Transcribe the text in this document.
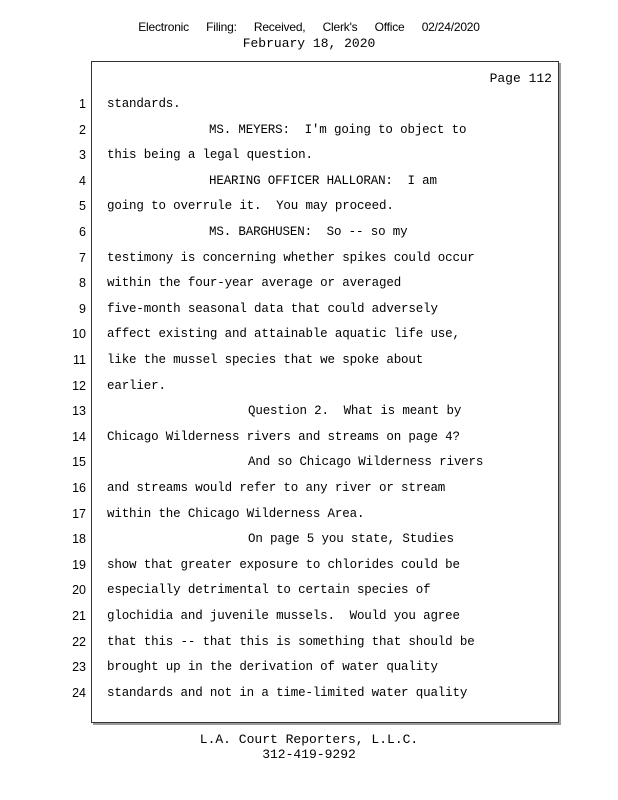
Electronic Filing: Received, Clerk's Office 02/24/2020
February 18, 2020
Page 112
1 standards.
2	MS. MEYERS:  I'm going to object to
3 this being a legal question.
4	HEARING OFFICER HALLORAN:  I am
5 going to overrule it.  You may proceed.
6	MS. BARGHUSEN:  So -- so my
7 testimony is concerning whether spikes could occur
8 within the four-year average or averaged
9 five-month seasonal data that could adversely
10 affect existing and attainable aquatic life use,
11 like the mussel species that we spoke about
12 earlier.
13	Question 2.  What is meant by
14 Chicago Wilderness rivers and streams on page 4?
15	And so Chicago Wilderness rivers
16 and streams would refer to any river or stream
17 within the Chicago Wilderness Area.
18	On page 5 you state, Studies
19 show that greater exposure to chlorides could be
20 especially detrimental to certain species of
21 glochidia and juvenile mussels.  Would you agree
22 that this -- that this is something that should be
23 brought up in the derivation of water quality
24 standards and not in a time-limited water quality
L.A. Court Reporters, L.L.C.
312-419-9292
